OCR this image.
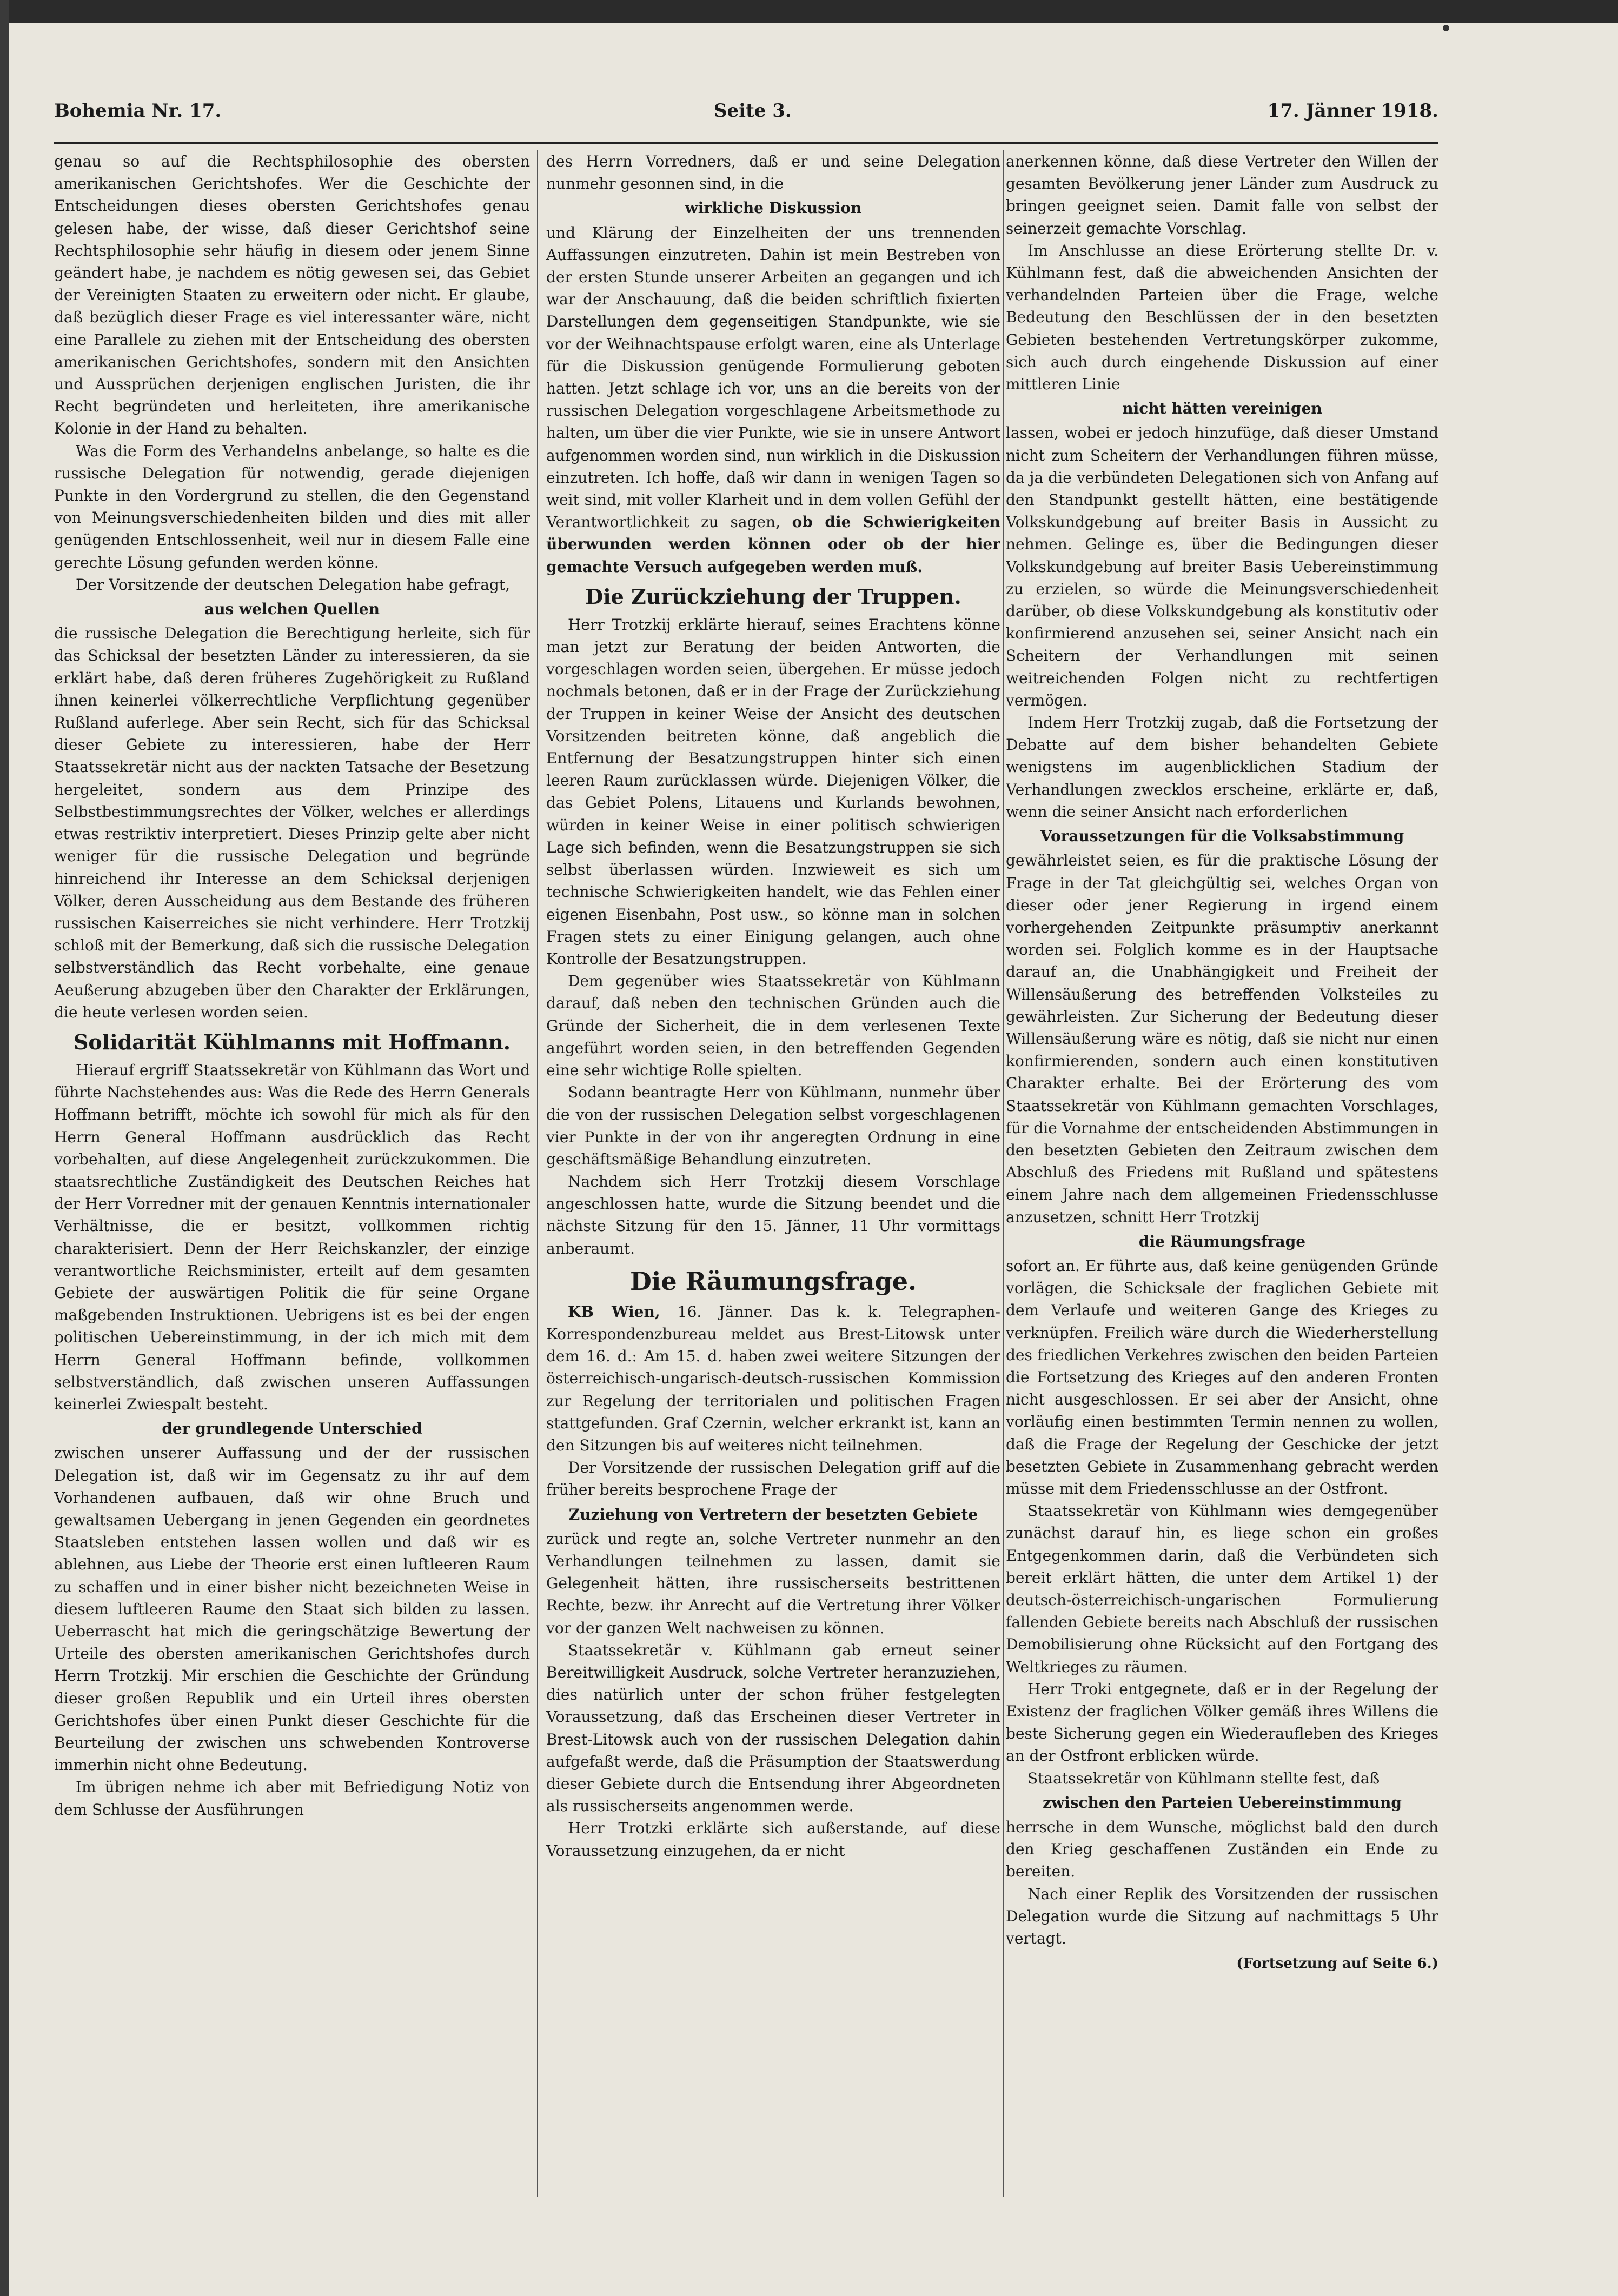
Bohemia Nr. 17.	Seite 3.	17. Jänner 1918.

genau so auf die Rechtsphilosophie des obersten amerikanischen Gerichtshofes. Wer die Geschichte der Entscheidungen dieses obersten Gerichtshofes genau gelesen habe, der wisse, daß dieser Gerichtshof seine Rechtsphilosophie sehr häufig in diesem oder jenem Sinne geändert habe, je nachdem es nötig gewesen sei, das Gebiet der Vereinigten Staaten zu erweitern oder nicht. Er glaube, daß bezüglich dieser Frage es viel interessanter wäre, nicht eine Parallele zu ziehen mit der Entscheidung des obersten amerikanischen Gerichtshofes, sondern mit den Ansichten und Aussprüchen derjenigen englischen Juristen, die ihr Recht begründeten und herleiteten, ihre amerikanische Kolonie in der Hand zu behalten.

Was die Form des Verhandelns anbelange, so halte es die russische Delegation für notwendig, gerade diejenigen Punkte in den Vordergrund zu stellen, die den Gegenstand von Meinungsverschiedenheiten bilden und dies mit aller genügenden Entschlossenheit, weil nur in diesem Falle eine gerechte Lösung gefunden werden könne.

Der Vorsitzende der deutschen Delegation habe gefragt,

aus welchen Quellen

die russische Delegation die Berechtigung herleite, sich für das Schicksal der besetzten Länder zu interessieren, da sie erklärt habe, daß deren früheres Zugehörigkeit zu Rußland ihnen keinerlei völkerrechtliche Verpflichtung gegenüber Rußland auferlege. Aber sein Recht, sich für das Schicksal dieser Gebiete zu interessieren, habe der Herr Staatssekretär nicht aus der nackten Tatsache der Besetzung hergeleitet, sondern aus dem Prinzipe des Selbstbestimmungsrechtes der Völker, welches er allerdings etwas restriktiv interpretiert. Dieses Prinzip gelte aber nicht weniger für die russische Delegation und begründe hinreichend ihr Interesse an dem Schicksal derjenigen Völker, deren Ausscheidung aus dem Bestande des früheren russischen Kaiserreiches sie nicht verhindere. Herr Trotzkij schloß mit der Bemerkung, daß sich die russische Delegation selbstverständlich das Recht vorbehalte, eine genaue Aeußerung abzugeben über den Charakter der Erklärungen, die heute verlesen worden seien.

Solidarität Kühlmanns mit Hoffmann.

Hierauf ergriff Staatssekretär von Kühlmann das Wort und führte Nachstehendes aus: Was die Rede des Herrn Generals Hoffmann betrifft, möchte ich sowohl für mich als für den Herrn General Hoffmann ausdrücklich das Recht vorbehalten, auf diese Angelegenheit zurückzukommen. Die staatsrechtliche Zuständigkeit des Deutschen Reiches hat der Herr Vorredner mit der genauen Kenntnis internationaler Verhältnisse, die er besitzt, vollkommen richtig charakterisiert. Denn der Herr Reichskanzler, der einzige verantwortliche Reichsminister, erteilt auf dem gesamten Gebiete der auswärtigen Politik die für seine Organe maßgebenden Instruktionen. Uebrigens ist es bei der engen politischen Uebereinstimmung, in der ich mich mit dem Herrn General Hoffmann befinde, vollkommen selbstverständlich, daß zwischen unseren Auffassungen keinerlei Zwiespalt besteht.

der grundlegende Unterschied

zwischen unserer Auffassung und der der russischen Delegation ist, daß wir im Gegensatz zu ihr auf dem Vorhandenen aufbauen, daß wir ohne Bruch und gewaltsamen Uebergang in jenen Gegenden ein geordnetes Staatsleben entstehen lassen wollen und daß wir es ablehnen, aus Liebe der Theorie erst einen luftleeren Raum zu schaffen und in einer bisher nicht bezeichneten Weise in diesem luftleeren Raume den Staat sich bilden zu lassen. Ueberrascht hat mich die geringschätzige Bewertung der Urteile des obersten amerikanischen Gerichtshofes durch Herrn Trotzkij. Mir erschien die Geschichte der Gründung dieser großen Republik und ein Urteil ihres obersten Gerichtshofes über einen Punkt dieser Geschichte für die Beurteilung der zwischen uns schwebenden Kontroverse immerhin nicht ohne Bedeutung.

Im übrigen nehme ich aber mit Befriedigung Notiz von dem Schlusse der Ausführungen

des Herrn Vorredners, daß er und seine Delegation nunmehr gesonnen sind, in die

wirkliche Diskussion

und Klärung der Einzelheiten der uns trennenden Auffassungen einzutreten. Dahin ist mein Bestreben von der ersten Stunde unserer Arbeiten an gegangen und ich war der Anschauung, daß die beiden schriftlich fixierten Darstellungen dem gegenseitigen Standpunkte, wie sie vor der Weihnachtspause erfolgt waren, eine als Unterlage für die Diskussion genügende Formulierung geboten hatten. Jetzt schlage ich vor, uns an die bereits von der russischen Delegation vorgeschlagene Arbeitsmethode zu halten, um über die vier Punkte, wie sie in unsere Antwort aufgenommen worden sind, nun wirklich in die Diskussion einzutreten. Ich hoffe, daß wir dann in wenigen Tagen so weit sind, mit voller Klarheit und in dem vollen Gefühl der Verantwortlichkeit zu sagen, ob die Schwierigkeiten überwunden werden können oder ob der hier gemachte Versuch aufgegeben werden muß.

Die Zurückziehung der Truppen.

Herr Trotzkij erklärte hierauf, seines Erachtens könne man jetzt zur Beratung der beiden Antworten, die vorgeschlagen worden seien, übergehen. Er müsse jedoch nochmals betonen, daß er in der Frage der Zurückziehung der Truppen in keiner Weise der Ansicht des deutschen Vorsitzenden beitreten könne, daß angeblich die Entfernung der Besatzungstruppen hinter sich einen leeren Raum zurücklassen würde. Diejenigen Völker, die das Gebiet Polens, Litauens und Kurlands bewohnen, würden in keiner Weise in einer politisch schwierigen Lage sich befinden, wenn die Besatzungstruppen sie sich selbst überlassen würden. Inzwieweit es sich um technische Schwierigkeiten handelt, wie das Fehlen einer eigenen Eisenbahn, Post usw., so könne man in solchen Fragen stets zu einer Einigung gelangen, auch ohne Kontrolle der Besatzungstruppen.

Dem gegenüber wies Staatssekretär von Kühlmann darauf, daß neben den technischen Gründen auch die Gründe der Sicherheit, die in dem verlesenen Texte angeführt worden seien, in den betreffenden Gegenden eine sehr wichtige Rolle spielten.

Sodann beantragte Herr von Kühlmann, nunmehr über die von der russischen Delegation selbst vorgeschlagenen vier Punkte in der von ihr angeregten Ordnung in eine geschäftsmäßige Behandlung einzutreten.

Nachdem sich Herr Trotzkij diesem Vorschlage angeschlossen hatte, wurde die Sitzung beendet und die nächste Sitzung für den 15. Jänner, 11 Uhr vormittags anberaumt.

Die Räumungsfrage.

KB Wien, 16. Jänner. Das k. k. Telegraphen-Korrespondenzbureau meldet aus Brest-Litowsk unter dem 16. d.: Am 15. d. haben zwei weitere Sitzungen der österreichisch-ungarisch-deutsch-russischen Kommission zur Regelung der territorialen und politischen Fragen stattgefunden. Graf Czernin, welcher erkrankt ist, kann an den Sitzungen bis auf weiteres nicht teilnehmen.

Der Vorsitzende der russischen Delegation griff auf die früher bereits besprochene Frage der

Zuziehung von Vertretern der besetzten Gebiete

zurück und regte an, solche Vertreter nunmehr an den Verhandlungen teilnehmen zu lassen, damit sie Gelegenheit hätten, ihre russischerseits bestrittenen Rechte, bezw. ihr Anrecht auf die Vertretung ihrer Völker vor der ganzen Welt nachweisen zu können.

Staatssekretär v. Kühlmann gab erneut seiner Bereitwilligkeit Ausdruck, solche Vertreter heranzuziehen, dies natürlich unter der schon früher festgelegten Voraussetzung, daß das Erscheinen dieser Vertreter in Brest-Litowsk auch von der russischen Delegation dahin aufgefaßt werde, daß die Präsumption der Staatswerdung dieser Gebiete durch die Entsendung ihrer Abgeordneten als russischerseits angenommen werde.

Herr Trotzki erklärte sich außerstande, auf diese Voraussetzung einzugehen, da er nicht

anerkennen könne, daß diese Vertreter den Willen der gesamten Bevölkerung jener Länder zum Ausdruck zu bringen geeignet seien. Damit falle von selbst der seinerzeit gemachte Vorschlag.

Im Anschlusse an diese Erörterung stellte Dr. v. Kühlmann fest, daß die abweichenden Ansichten der verhandelnden Parteien über die Frage, welche Bedeutung den Beschlüssen der in den besetzten Gebieten bestehenden Vertretungskörper zukomme, sich auch durch eingehende Diskussion auf einer mittleren Linie

nicht hätten vereinigen

lassen, wobei er jedoch hinzufüge, daß dieser Umstand nicht zum Scheitern der Verhandlungen führen müsse, da ja die verbündeten Delegationen sich von Anfang auf den Standpunkt gestellt hätten, eine bestätigende Volkskundgebung auf breiter Basis in Aussicht zu nehmen. Gelinge es, über die Bedingungen dieser Volkskundgebung auf breiter Basis Uebereinstimmung zu erzielen, so würde die Meinungsverschiedenheit darüber, ob diese Volkskundgebung als konstitutiv oder konfirmierend anzusehen sei, seiner Ansicht nach ein Scheitern der Verhandlungen mit seinen weitreichenden Folgen nicht zu rechtfertigen vermögen.

Indem Herr Trotzkij zugab, daß die Fortsetzung der Debatte auf dem bisher behandelten Gebiete wenigstens im augenblicklichen Stadium der Verhandlungen zwecklos erscheine, erklärte er, daß, wenn die seiner Ansicht nach erforderlichen

Voraussetzungen für die Volksabstimmung

gewährleistet seien, es für die praktische Lösung der Frage in der Tat gleichgültig sei, welches Organ von dieser oder jener Regierung in irgend einem vorhergehenden Zeitpunkte präsumptiv anerkannt worden sei. Folglich komme es in der Hauptsache darauf an, die Unabhängigkeit und Freiheit der Willensäußerung des betreffenden Volksteiles zu gewährleisten. Zur Sicherung der Bedeutung dieser Willensäußerung wäre es nötig, daß sie nicht nur einen konfirmierenden, sondern auch einen konstitutiven Charakter erhalte. Bei der Erörterung des vom Staatssekretär von Kühlmann gemachten Vorschlages, für die Vornahme der entscheidenden Abstimmungen in den besetzten Gebieten den Zeitraum zwischen dem Abschluß des Friedens mit Rußland und spätestens einem Jahre nach dem allgemeinen Friedensschlusse anzusetzen, schnitt Herr Trotzkij

die Räumungsfrage

sofort an. Er führte aus, daß keine genügenden Gründe vorlägen, die Schicksale der fraglichen Gebiete mit dem Verlaufe und weiteren Gange des Krieges zu verknüpfen. Freilich wäre durch die Wiederherstellung des friedlichen Verkehres zwischen den beiden Parteien die Fortsetzung des Krieges auf den anderen Fronten nicht ausgeschlossen. Er sei aber der Ansicht, ohne vorläufig einen bestimmten Termin nennen zu wollen, daß die Frage der Regelung der Geschicke der jetzt besetzten Gebiete in Zusammenhang gebracht werden müsse mit dem Friedensschlusse an der Ostfront.

Staatssekretär von Kühlmann wies demgegenüber zunächst darauf hin, es liege schon ein großes Entgegenkommen darin, daß die Verbündeten sich bereit erklärt hätten, die unter dem Artikel 1) der deutsch-österreichisch-ungarischen Formulierung fallenden Gebiete bereits nach Abschluß der russischen Demobilisierung ohne Rücksicht auf den Fortgang des Weltkrieges zu räumen.

Herr Troki entgegnete, daß er in der Regelung der Existenz der fraglichen Völker gemäß ihres Willens die beste Sicherung gegen ein Wiederaufleben des Krieges an der Ostfront erblicken würde.

Staatssekretär von Kühlmann stellte fest, daß

zwischen den Parteien Uebereinstimmung

herrsche in dem Wunsche, möglichst bald den durch den Krieg geschaffenen Zuständen ein Ende zu bereiten.

Nach einer Replik des Vorsitzenden der russischen Delegation wurde die Sitzung auf nachmittags 5 Uhr vertagt.

(Fortsetzung auf Seite 6.)
